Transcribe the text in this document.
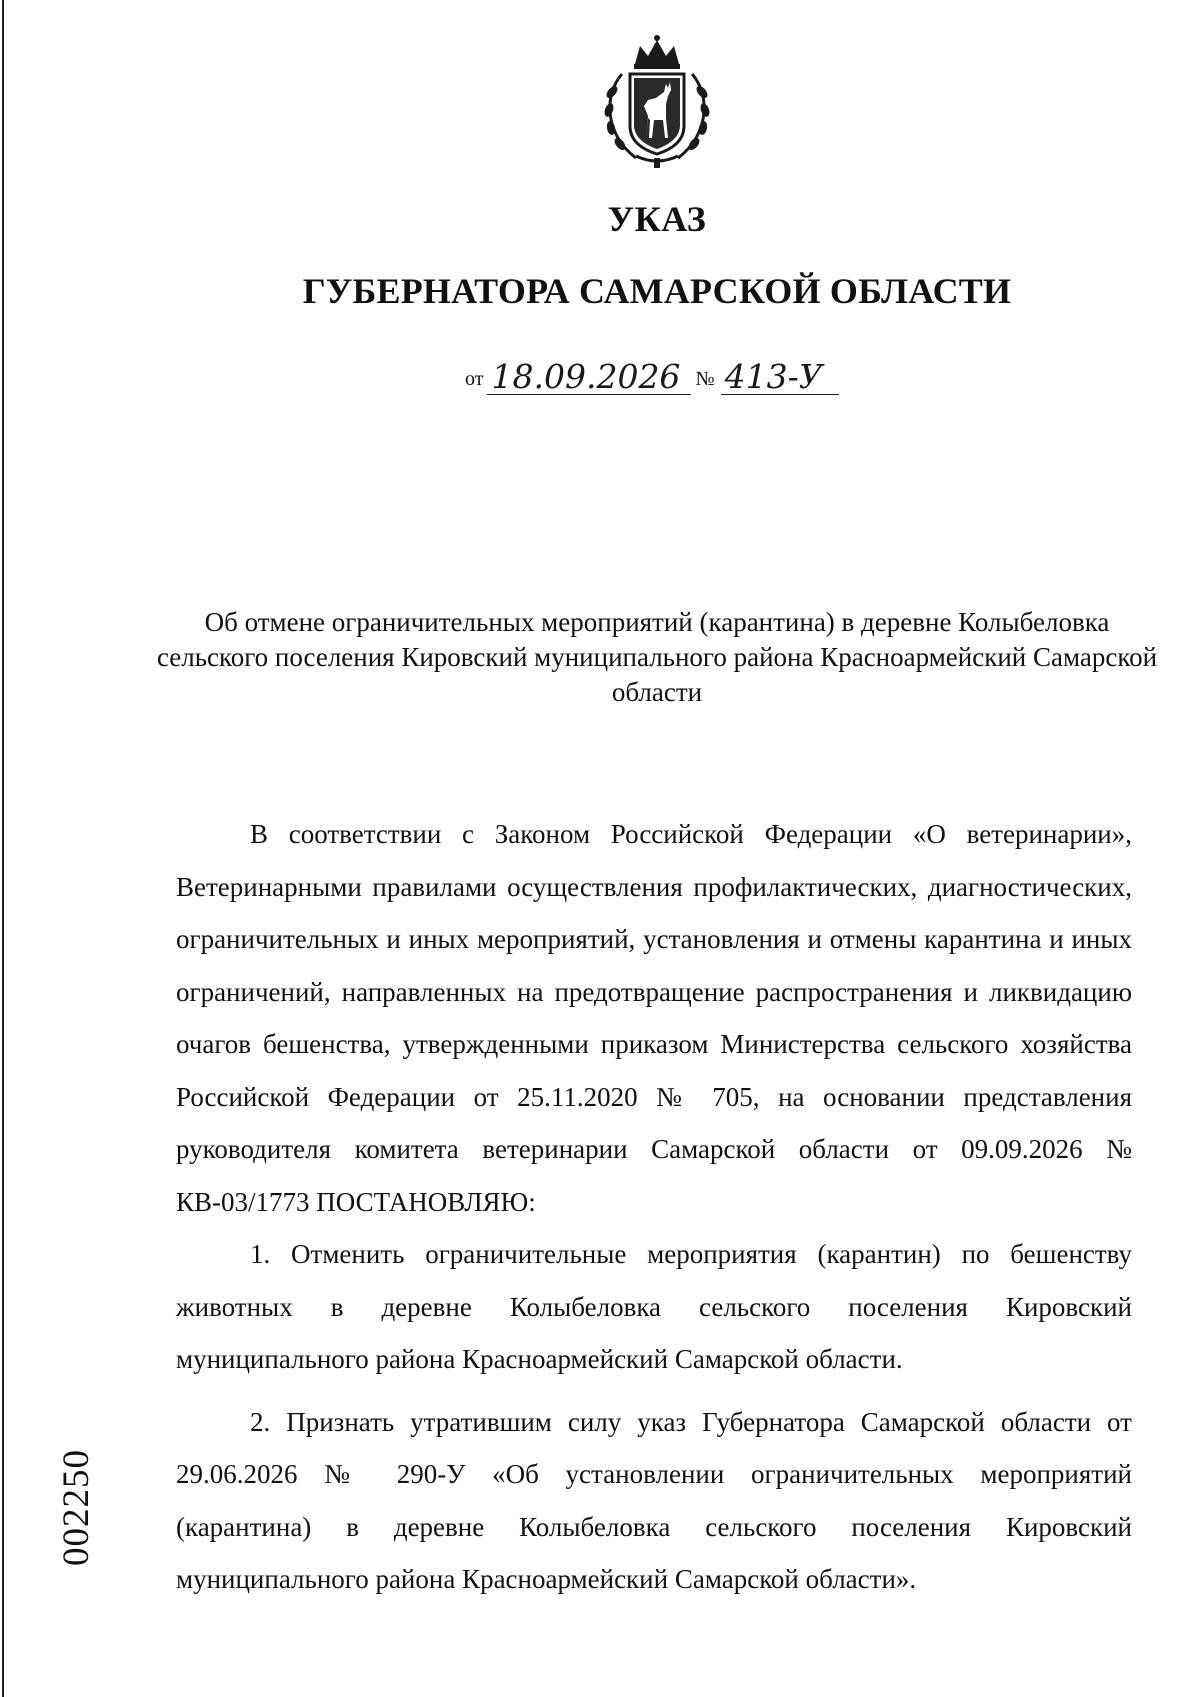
УКАЗ
ГУБЕРНАТОРА САМАРСКОЙ ОБЛАСТИ
от 18.09.2026 № 413-У
Об отмене ограничительных мероприятий (карантина) в деревне Колыбеловка сельского поселения Кировский муниципального района Красноармейский Самарской области

В соответствии с Законом Российской Федерации «О ветеринарии», Ветеринарными правилами осуществления профилактических, диагностических, ограничительных и иных мероприятий, установления и отмены карантина и иных ограничений, направленных на предотвращение распространения и ликвидацию очагов бешенства, утвержденными приказом Министерства сельского хозяйства Российской Федерации от 25.11.2020 № 705, на основании представления руководителя комитета ветеринарии Самарской области от 09.09.2026 № КВ-03/1773 ПОСТАНОВЛЯЮ:

1. Отменить ограничительные мероприятия (карантин) по бешенству животных в деревне Колыбеловка сельского поселения Кировский муниципального района Красноармейский Самарской области.

2. Признать утратившим силу указ Губернатора Самарской области от 29.06.2026 № 290-У «Об установлении ограничительных мероприятий (карантина) в деревне Колыбеловка сельского поселения Кировский муниципального района Красноармейский Самарской области».

002250
